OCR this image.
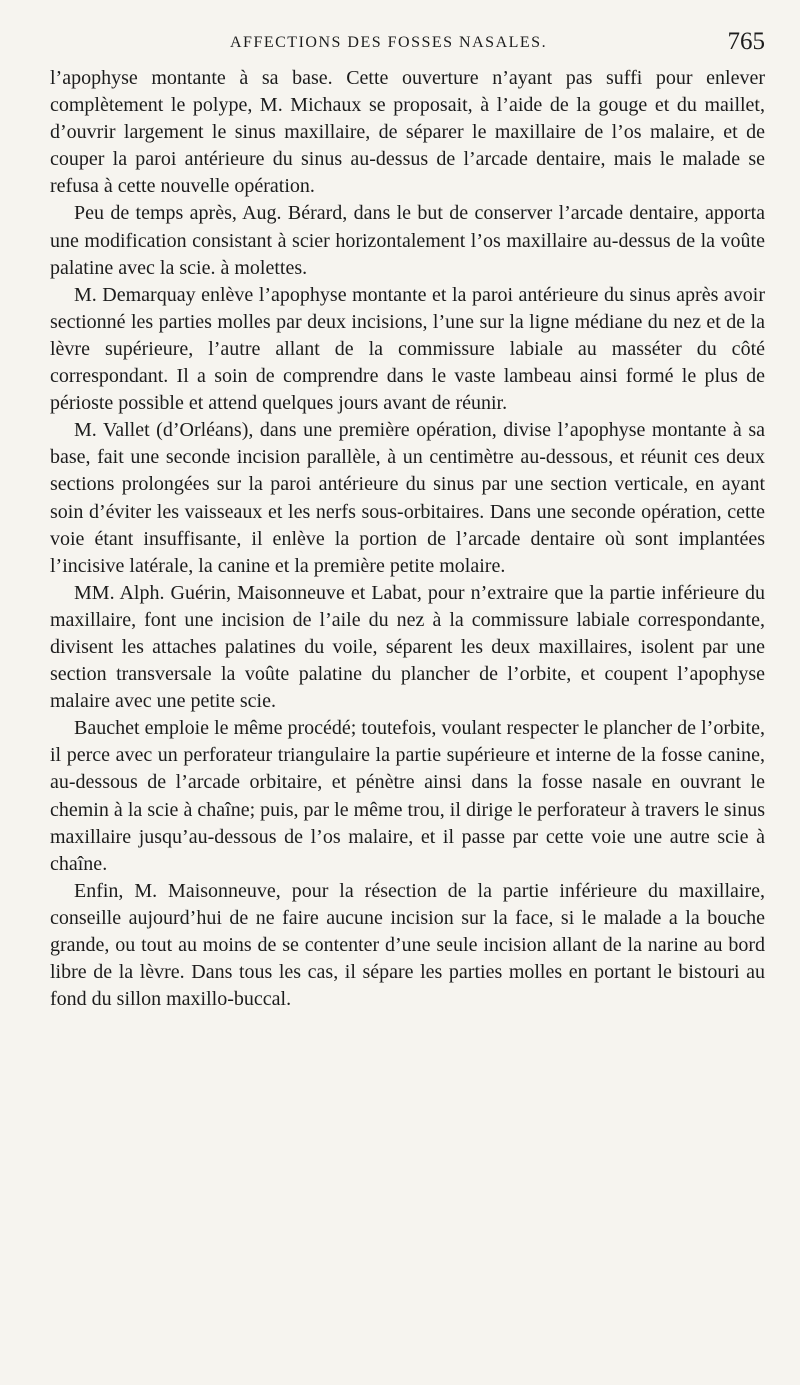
AFFECTIONS DES FOSSES NASALES.	765

l’apophyse montante à sa base. Cette ouverture n’ayant pas suffi pour enlever complètement le polype, M. Michaux se proposait, à l’aide de la gouge et du maillet, d’ouvrir largement le sinus maxillaire, de séparer le maxillaire de l’os malaire, et de couper la paroi antérieure du sinus au-dessus de l’arcade dentaire, mais le malade se refusa à cette nouvelle opération.

Peu de temps après, Aug. Bérard, dans le but de conserver l’arcade dentaire, apporta une modification consistant à scier horizontalement l’os maxillaire au-dessus de la voûte palatine avec la scie. à molettes.

M. Demarquay enlève l’apophyse montante et la paroi antérieure du sinus après avoir sectionné les parties molles par deux incisions, l’une sur la ligne médiane du nez et de la lèvre supérieure, l’autre allant de la commissure labiale au masséter du côté correspondant. Il a soin de comprendre dans le vaste lambeau ainsi formé le plus de périoste possible et attend quelques jours avant de réunir.

M. Vallet (d’Orléans), dans une première opération, divise l’apophyse montante à sa base, fait une seconde incision parallèle, à un centimètre au-dessous, et réunit ces deux sections prolongées sur la paroi antérieure du sinus par une section verticale, en ayant soin d’éviter les vaisseaux et les nerfs sous-orbitaires. Dans une seconde opération, cette voie étant insuffisante, il enlève la portion de l’arcade dentaire où sont implantées l’incisive latérale, la canine et la première petite molaire.

MM. Alph. Guérin, Maisonneuve et Labat, pour n’extraire que la partie inférieure du maxillaire, font une incision de l’aile du nez à la commissure labiale correspondante, divisent les attaches palatines du voile, séparent les deux maxillaires, isolent par une section transversale la voûte palatine du plancher de l’orbite, et coupent l’apophyse malaire avec une petite scie.

Bauchet emploie le même procédé; toutefois, voulant respecter le plancher de l’orbite, il perce avec un perforateur triangulaire la partie supérieure et interne de la fosse canine, au-dessous de l’arcade orbitaire, et pénètre ainsi dans la fosse nasale en ouvrant le chemin à la scie à chaîne; puis, par le même trou, il dirige le perforateur à travers le sinus maxillaire jusqu’au-dessous de l’os malaire, et il passe par cette voie une autre scie à chaîne.

Enfin, M. Maisonneuve, pour la résection de la partie inférieure du maxillaire, conseille aujourd’hui de ne faire aucune incision sur la face, si le malade a la bouche grande, ou tout au moins de se contenter d’une seule incision allant de la narine au bord libre de la lèvre. Dans tous les cas, il sépare les parties molles en portant le bistouri au fond du sillon maxillo-buccal.
